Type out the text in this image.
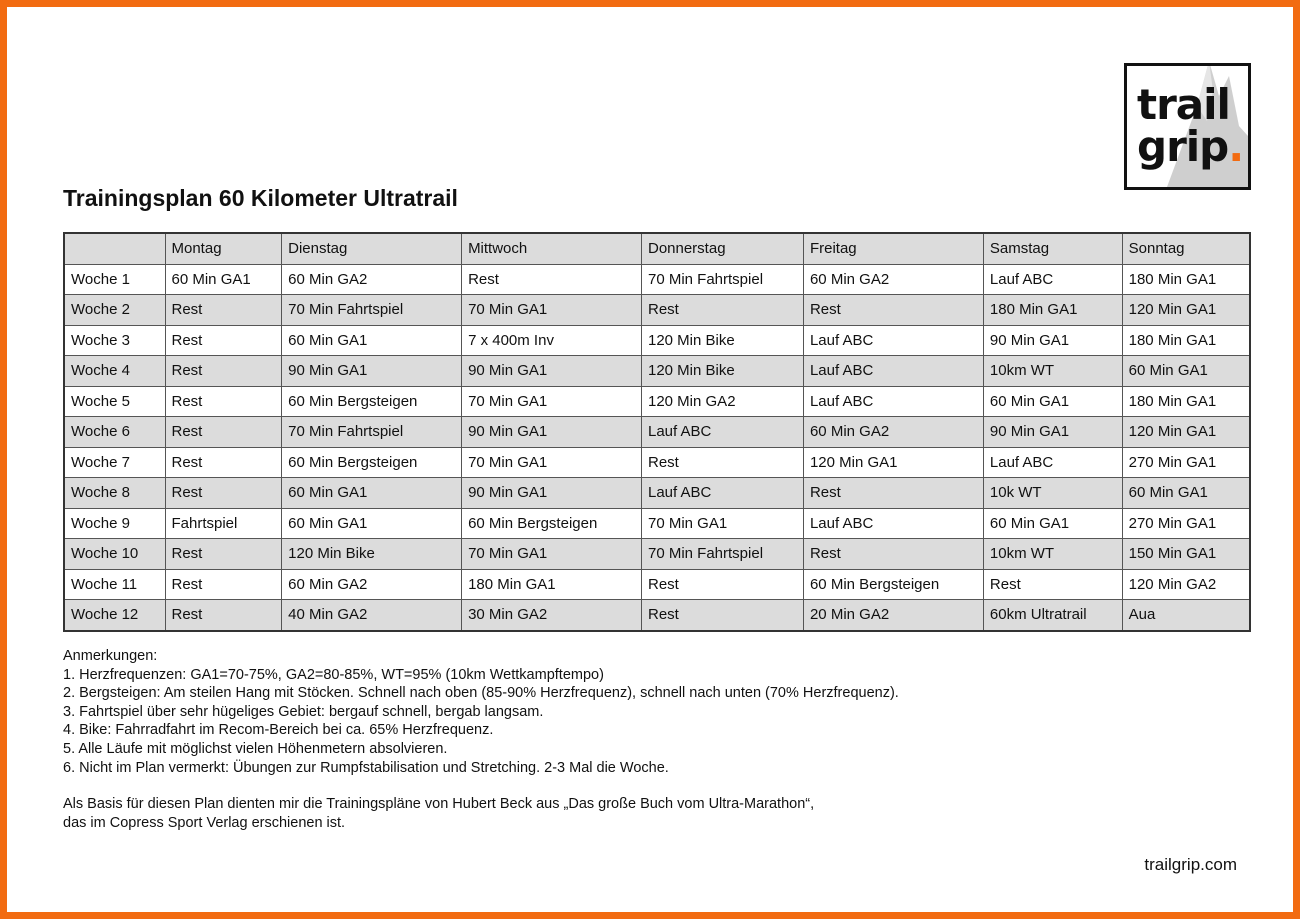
trail
grip.
Trainingsplan 60 Kilometer Ultratrail
	Montag	Dienstag	Mittwoch	Donnerstag	Freitag	Samstag	Sonntag
Woche 1	60 Min GA1	60 Min GA2	Rest	70 Min Fahrtspiel	60 Min GA2	Lauf ABC	180 Min GA1
Woche 2	Rest	70 Min Fahrtspiel	70 Min GA1	Rest	Rest	180 Min GA1	120 Min GA1
Woche 3	Rest	60 Min GA1	7 x 400m Inv	120 Min Bike	Lauf ABC	90 Min GA1	180 Min GA1
Woche 4	Rest	90 Min GA1	90 Min GA1	120 Min Bike	Lauf ABC	10km WT	60 Min GA1
Woche 5	Rest	60 Min Bergsteigen	70 Min GA1	120 Min GA2	Lauf ABC	60 Min GA1	180 Min GA1
Woche 6	Rest	70 Min Fahrtspiel	90 Min GA1	Lauf ABC	60 Min GA2	90 Min GA1	120 Min GA1
Woche 7	Rest	60 Min Bergsteigen	70 Min GA1	Rest	120 Min GA1	Lauf ABC	270 Min GA1
Woche 8	Rest	60 Min GA1	90 Min GA1	Lauf ABC	Rest	10k WT	60 Min GA1
Woche 9	Fahrtspiel	60 Min GA1	60 Min Bergsteigen	70 Min GA1	Lauf ABC	60 Min GA1	270 Min GA1
Woche 10	Rest	120 Min Bike	70 Min GA1	70 Min Fahrtspiel	Rest	10km WT	150 Min GA1
Woche 11	Rest	60 Min GA2	180 Min GA1	Rest	60 Min Bergsteigen	Rest	120 Min GA2
Woche 12	Rest	40 Min GA2	30 Min GA2	Rest	20 Min GA2	60km Ultratrail	Aua
Anmerkungen:
1. Herzfrequenzen: GA1=70-75%, GA2=80-85%, WT=95% (10km Wettkampftempo)
2. Bergsteigen: Am steilen Hang mit Stöcken. Schnell nach oben (85-90% Herzfrequenz), schnell nach unten (70% Herzfrequenz).
3. Fahrtspiel über sehr hügeliges Gebiet: bergauf schnell, bergab langsam.
4. Bike: Fahrradfahrt im Recom-Bereich bei ca. 65% Herzfrequenz.
5. Alle Läufe mit möglichst vielen Höhenmetern absolvieren.
6. Nicht im Plan vermerkt: Übungen zur Rumpfstabilisation und Stretching. 2-3 Mal die Woche.
Als Basis für diesen Plan dienten mir die Trainingspläne von Hubert Beck aus „Das große Buch vom Ultra-Marathon“,
das im Copress Sport Verlag erschienen ist.
trailgrip.com
